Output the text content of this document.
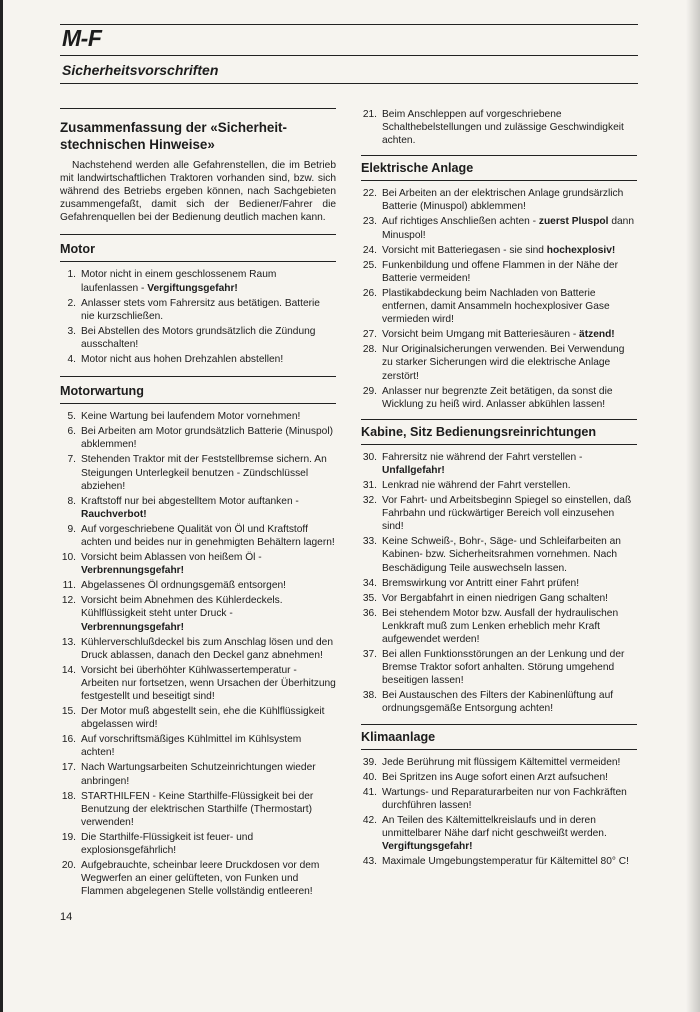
M-F
Sicherheitsvorschriften
Zusammenfassung der «Sicherheit-stechnischen Hinweise»

Nachstehend werden alle Gefahrenstellen, die im Betrieb mit landwirtschaftlichen Traktoren vorhanden sind, bzw. sich während des Betriebs ergeben können, nach Sachgebieten zusammengefaßt, damit sich der Bediener/Fahrer die Gefahrenquellen bei der Bedienung deutlich machen kann.

Motor
1. Motor nicht in einem geschlossenem Raum laufenlassen - Vergiftungsgefahr!
2. Anlasser stets vom Fahrersitz aus betätigen. Batterie nie kurzschließen.
3. Bei Abstellen des Motors grundsätzlich die Zündung ausschalten!
4. Motor nicht aus hohen Drehzahlen abstellen!
Motorwartung
5. Keine Wartung bei laufendem Motor vornehmen!
6. Bei Arbeiten am Motor grundsätzlich Batterie (Minuspol) abklemmen!
7. Stehenden Traktor mit der Feststellbremse sichern. An Steigungen Unterlegkeil benutzen - Zündschlüssel abziehen!
8. Kraftstoff nur bei abgestelltem Motor auftanken - Rauchverbot!
9. Auf vorgeschriebene Qualität von Öl und Kraftstoff achten und beides nur in genehmigten Behältern lagern!
10. Vorsicht beim Ablassen von heißem Öl - Verbrennungsgefahr!
11. Abgelassenes Öl ordnungsgemäß entsorgen!
12. Vorsicht beim Abnehmen des Kühlerdeckels. Kühlflüssigkeit steht unter Druck - Verbrennungsgefahr!
13. Kühlerverschlußdeckel bis zum Anschlag lösen und den Druck ablassen, danach den Deckel ganz abnehmen!
14. Vorsicht bei überhöhter Kühlwassertemperatur - Arbeiten nur fortsetzen, wenn Ursachen der Überhitzung festgestellt und beseitigt sind!
15. Der Motor muß abgestellt sein, ehe die Kühlflüssigkeit abgelassen wird!
16. Auf vorschriftsmäßiges Kühlmittel im Kühlsystem achten!
17. Nach Wartungsarbeiten Schutzeinrichtungen wieder anbringen!
18. STARTHILFEN - Keine Starthilfe-Flüssigkeit bei der Benutzung der elektrischen Starthilfe (Thermostart) verwenden!
19. Die Starthilfe-Flüssigkeit ist feuer- und explosionsgefährlich!
20. Aufgebrauchte, scheinbar leere Druckdosen vor dem Wegwerfen an einer gelüfteten, von Funken und Flammen abgelegenen Stelle vollständig entleeren!
21. Beim Anschleppen auf vorgeschriebene Schalthebelstellungen und zulässige Geschwindigkeit achten.
Elektrische Anlage
22. Bei Arbeiten an der elektrischen Anlage grundsärzlich Batterie (Minuspol) abklemmen!
23. Auf richtiges Anschließen achten - zuerst Pluspol dann Minuspol!
24. Vorsicht mit Batteriegasen - sie sind hochexplosiv!
25. Funkenbildung und offene Flammen in der Nähe der Batterie vermeiden!
26. Plastikabdeckung beim Nachladen von Batterie entfernen, damit Ansammeln hochexplosiver Gase vermieden wird!
27. Vorsicht beim Umgang mit Batteriesäuren - ätzend!
28. Nur Originalsicherungen verwenden. Bei Verwendung zu starker Sicherungen wird die elektrische Anlage zerstört!
29. Anlasser nur begrenzte Zeit betätigen, da sonst die Wicklung zu heiß wird. Anlasser abkühlen lassen!
Kabine, Sitz Bedienungsreinrichtungen
30. Fahrersitz nie während der Fahrt verstellen - Unfallgefahr!
31. Lenkrad nie während der Fahrt verstellen.
32. Vor Fahrt- und Arbeitsbeginn Spiegel so einstellen, daß Fahrbahn und rückwärtiger Bereich voll einzusehen sind!
33. Keine Schweiß-, Bohr-, Säge- und Schleifarbeiten an Kabinen- bzw. Sicherheitsrahmen vornehmen. Nach Beschädigung Teile auswechseln lassen.
34. Bremswirkung vor Antritt einer Fahrt prüfen!
35. Vor Bergabfahrt in einen niedrigen Gang schalten!
36. Bei stehendem Motor bzw. Ausfall der hydraulischen Lenkkraft muß zum Lenken erheblich mehr Kraft aufgewendet werden!
37. Bei allen Funktionsstörungen an der Lenkung und der Bremse Traktor sofort anhalten. Störung umgehend beseitigen lassen!
38. Bei Austauschen des Filters der Kabinenlüftung auf ordnungsgemäße Entsorgung achten!
Klimaanlage
39. Jede Berührung mit flüssigem Kältemittel vermeiden!
40. Bei Spritzen ins Auge sofort einen Arzt aufsuchen!
41. Wartungs- und Reparaturarbeiten nur von Fachkräften durchführen lassen!
42. An Teilen des Kältemittelkreislaufs und in deren unmittelbarer Nähe darf nicht geschweißt werden. Vergiftungsgefahr!
43. Maximale Umgebungstemperatur für Kältemittel 80° C!
14
